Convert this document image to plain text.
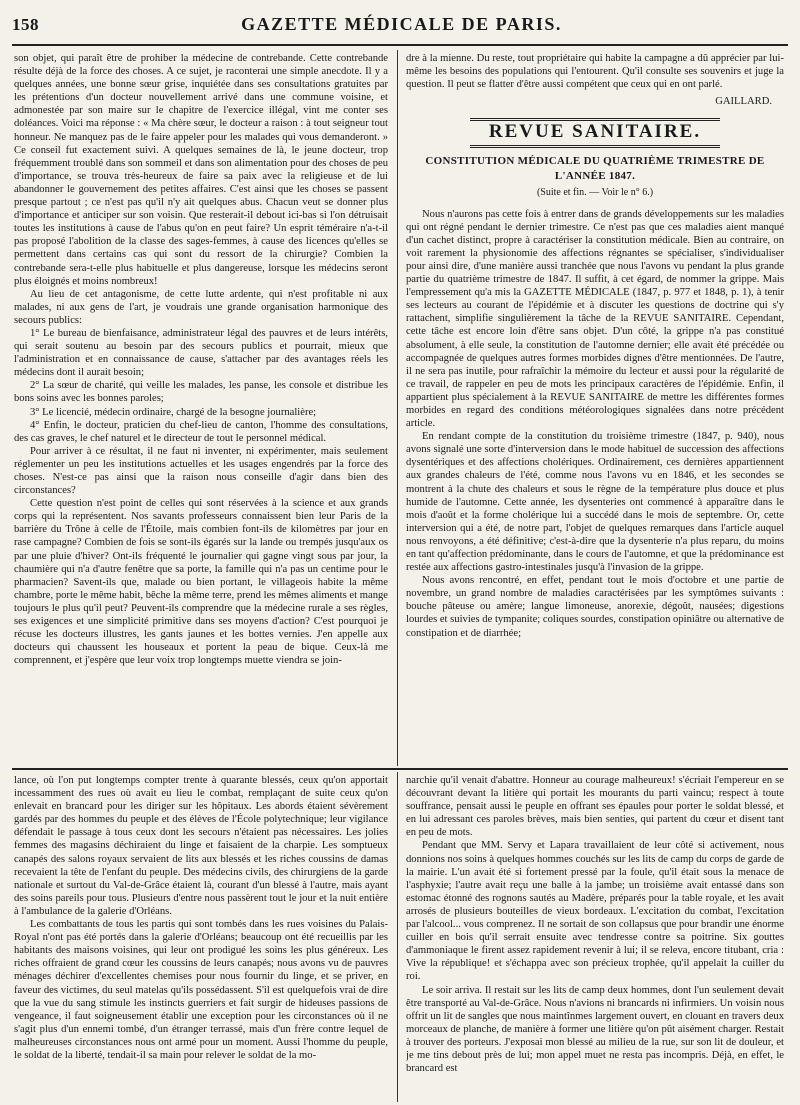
158	GAZETTE MÉDICALE DE PARIS.

son objet, qui paraît être de prohiber la médecine de contrebande. Cette contrebande résulte déjà de la force des choses. A ce sujet, je raconterai une simple anecdote. Il y a quelques années, une bonne sœur grise, inquiétée dans ses consultations gratuites par les prétentions d'un docteur nouvellement arrivé dans une commune voisine, et admonestée par son maire sur le chapitre de l'exercice illégal, vint me conter ses doléances. Voici ma réponse : « Ma chère sœur, le docteur a raison : à tout seigneur tout honneur. Ne manquez pas de le faire appeler pour les malades qui vous demanderont. » Ce conseil fut exactement suivi. A quelques semaines de là, le jeune docteur, trop fréquemment troublé dans son sommeil et dans son alimentation pour des choses de peu d'importance, se trouva très-heureux de faire sa paix avec la religieuse et de lui abandonner le gouvernement des petites affaires. C'est ainsi que les choses se passent presque partout ; ce n'est pas qu'il n'y ait quelques abus. Chacun veut se donner plus d'importance et anticiper sur son voisin. Que resterait-il debout ici-bas si l'on détruisait toutes les institutions à cause de l'abus qu'on en peut faire? Un esprit téméraire n'a-t-il pas proposé l'abolition de la classe des sages-femmes, à cause des licences qu'elles se permettent dans certains cas qui sont du ressort de la chirurgie? Combien la contrebande sera-t-elle plus habituelle et plus dangereuse, lorsque les médecins seront plus éloignés et moins nombreux!

Au lieu de cet antagonisme, de cette lutte ardente, qui n'est profitable ni aux malades, ni aux gens de l'art, je voudrais une grande organisation harmonique des secours publics:

1° Le bureau de bienfaisance, administrateur légal des pauvres et de leurs intérêts, qui serait soutenu au besoin par des secours publics et pourrait, mieux que l'administration et en connaissance de cause, s'attacher par des avantages réels les médecins dont il aurait besoin;

2° La sœur de charité, qui veille les malades, les panse, les console et distribue les bons soins avec les bonnes paroles;

3° Le licencié, médecin ordinaire, chargé de la besogne journalière;

4° Enfin, le docteur, praticien du chef-lieu de canton, l'homme des consultations, des cas graves, le chef naturel et le directeur de tout le personnel médical.

Pour arriver à ce résultat, il ne faut ni inventer, ni expérimenter, mais seulement réglementer un peu les institutions actuelles et les usages engendrés par la force des choses. N'est-ce pas ainsi que la raison nous conseille d'agir dans bien des circonstances?

Cette question n'est point de celles qui sont réservées à la science et aux grands corps qui la représentent. Nos savants professeurs connaissent bien leur Paris de la barrière du Trône à celle de l'Étoile, mais combien font-ils de kilomètres par jour en rase campagne? Combien de fois se sont-ils égarés sur la lande ou trempés jusqu'aux os par une pluie d'hiver? Ont-ils fréquenté le journalier qui gagne vingt sous par jour, la chaumière qui n'a d'autre fenêtre que sa porte, la famille qui n'a pas un centime pour le pharmacien? Savent-ils que, malade ou bien portant, le villageois habite la même chambre, porte le même habit, bêche la même terre, prend les mêmes aliments et mange toujours le plus qu'il peut? Peuvent-ils comprendre que la médecine rurale a ses règles, ses exigences et une simplicité primitive dans ses moyens d'action? C'est pourquoi je récuse les docteurs illustres, les gants jaunes et les bottes vernies. J'en appelle aux docteurs qui chaussent les houseaux et portent la peau de bique. Ceux-là me comprennent, et j'espère que leur voix trop longtemps muette viendra se join-

dre à la mienne. Du reste, tout propriétaire qui habite la campagne a dû apprécier par lui-même les besoins des populations qui l'entourent. Qu'il consulte ses souvenirs et juge la question. Il peut se flatter d'être aussi compétent que ceux qui en ont parlé.

GAILLARD.
REVUE SANITAIRE.
CONSTITUTION MÉDICALE DU QUATRIÈME TRIMESTRE DE L'ANNÉE 1847.
(Suite et fin. — Voir le n° 6.)

Nous n'aurons pas cette fois à entrer dans de grands développements sur les maladies qui ont régné pendant le dernier trimestre. Ce n'est pas que ces maladies aient manqué d'un cachet distinct, propre à caractériser la constitution médicale. Bien au contraire, on voit rarement la physionomie des affections régnantes se spécialiser, s'individualiser pour ainsi dire, d'une manière aussi tranchée que nous l'avons vu pendant la plus grande partie du quatrième trimestre de 1847. Il suffit, à cet égard, de nommer la grippe. Mais l'empressement qu'a mis la GAZETTE MÉDICALE (1847, p. 977 et 1848, p. 1), à tenir ses lecteurs au courant de l'épidémie et à discuter les questions de doctrine qui s'y rattachent, simplifie singulièrement la tâche de la REVUE SANITAIRE. Cependant, cette tâche est encore loin d'être sans objet. D'un côté, la grippe n'a pas constitué absolument, à elle seule, la constitution de l'automne dernier; elle avait été précédée ou accompagnée de quelques autres formes morbides dignes d'être mentionnées. De l'autre, il ne sera pas inutile, pour rafraîchir la mémoire du lecteur et aussi pour la régularité de ce travail, de rappeler en peu de mots les principaux caractères de l'épidémie. Enfin, il appartient plus spécialement à la REVUE SANITAIRE de mettre les différentes formes morbides en regard des conditions météorologiques signalées dans notre précédent article.

En rendant compte de la constitution du troisième trimestre (1847, p. 940), nous avons signalé une sorte d'interversion dans le mode habituel de succession des affections dysentériques et des affections cholériques. Ordinairement, ces dernières appartiennent aux grandes chaleurs de l'été, comme nous l'avons vu en 1846, et les secondes se montrent à la chute des chaleurs et sous le règne de la température plus douce et plus humide de l'automne. Cette année, les dysenteries ont commencé à apparaître dans le mois d'août et la forme cholérique lui a succédé dans le mois de septembre. Or, cette interversion qui a été, de notre part, l'objet de quelques remarques dans l'article auquel nous renvoyons, a été définitive; c'est-à-dire que la dysenterie n'a plus reparu, du moins en tant qu'affection prédominante, dans le cours de l'automne, et que la prédominance est restée aux affections gastro-intestinales jusqu'à l'invasion de la grippe.

Nous avons rencontré, en effet, pendant tout le mois d'octobre et une partie de novembre, un grand nombre de maladies caractérisées par les symptômes suivants : bouche pâteuse ou amère; langue limoneuse, anorexie, dégoût, nausées; digestions lourdes et suivies de tympanite; coliques sourdes, constipation opiniâtre ou alternative de constipation et de diarrhée;

lance, où l'on put longtemps compter trente à quarante blessés, ceux qu'on apportait incessamment des rues où avait eu lieu le combat, remplaçant de suite ceux qu'on enlevait en brancard pour les diriger sur les hôpitaux. Les abords étaient sévèrement gardés par des hommes du peuple et des élèves de l'École polytechnique; leur vigilance défendait le passage à tous ceux dont les secours n'étaient pas nécessaires. Les jolies femmes des magasins déchiraient du linge et faisaient de la charpie. Les somptueux canapés des salons royaux servaient de lits aux blessés et les riches coussins de damas recevaient la tête de l'enfant du peuple. Des médecins civils, des chirurgiens de la garde nationale et surtout du Val-de-Grâce étaient là, courant d'un blessé à l'autre, mais ayant des soins pareils pour tous. Plusieurs d'entre nous passèrent tout le jour et la nuit entière à l'ambulance de la galerie d'Orléans.

Les combattants de tous les partis qui sont tombés dans les rues voisines du Palais-Royal n'ont pas été portés dans la galerie d'Orléans; beaucoup ont été recueillis par les habitants des maisons voisines, qui leur ont prodigué les soins les plus généreux. Les riches offraient de grand cœur les coussins de leurs canapés; nous avons vu de pauvres ménages déchirer d'excellentes chemises pour nous fournir du linge, et se priver, en faveur des victimes, du seul matelas qu'ils possédassent. S'il est quelquefois vrai de dire que la vue du sang stimule les instincts guerriers et fait surgir de hideuses passions de vengeance, il faut soigneusement établir une exception pour les circonstances où il ne s'agit plus d'un ennemi tombé, d'un étranger terrassé, mais d'un frère contre lequel de malheureuses circonstances nous ont armé pour un moment. Aussi l'homme du peuple, le soldat de la liberté, tendait-il sa main pour relever le soldat de la mo-

narchie qu'il venait d'abattre. Honneur au courage malheureux! s'écriait l'empereur en se découvrant devant la litière qui portait les mourants du parti vaincu; respect à toute souffrance, pensait aussi le peuple en offrant ses épaules pour porter le soldat blessé, et en lui adressant ces paroles brèves, mais bien senties, qui partent du cœur et disent tant en peu de mots.

Pendant que MM. Servy et Lapara travaillaient de leur côté si activement, nous donnions nos soins à quelques hommes couchés sur les lits de camp du corps de garde de la mairie. L'un avait été si fortement pressé par la foule, qu'il était sous la menace de l'asphyxie; l'autre avait reçu une balle à la jambe; un troisième avait entassé dans son estomac étonné des rognons sautés au Madère, préparés pour la table royale, et les avait arrosés de plusieurs bouteilles de vieux bordeaux. L'excitation du combat, l'excitation par l'alcool... vous comprenez. Il ne sortait de son collapsus que pour brandir une énorme cuiller en bois qu'il serrait ensuite avec tendresse contre sa poitrine. Six gouttes d'ammoniaque le firent assez rapidement revenir à lui; il se releva, encore titubant, cria : Vive la république! et s'échappa avec son précieux trophée, qu'il appelait la cuiller du roi.

Le soir arriva. Il restait sur les lits de camp deux hommes, dont l'un seulement devait être transporté au Val-de-Grâce. Nous n'avions ni brancards ni infirmiers. Un voisin nous offrit un lit de sangles que nous maintînmes largement ouvert, en clouant en travers deux morceaux de planche, de manière à former une litière qu'on pût aisément charger. Restait à trouver des porteurs. J'exposai mon blessé au milieu de la rue, sur son lit de douleur, et je me tins debout près de lui; mon appel muet ne resta pas incompris. Déjà, en effet, le brancard est
